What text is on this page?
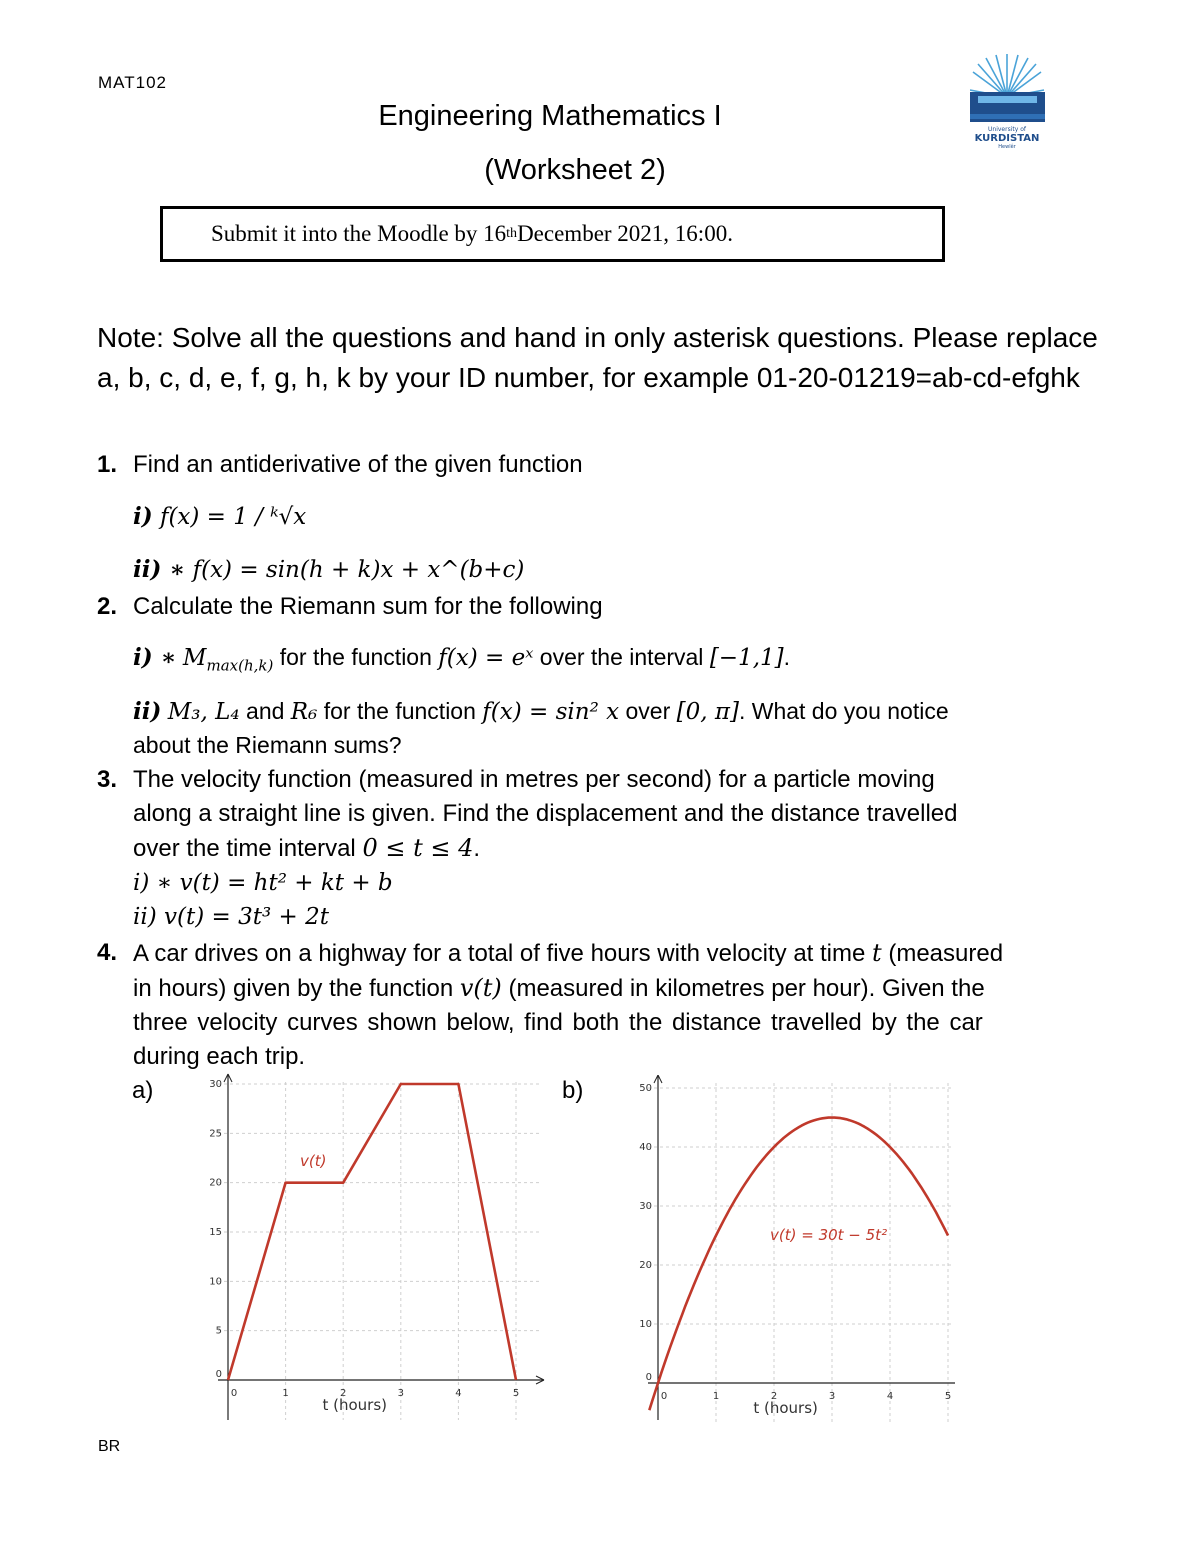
MAT102
Engineering Mathematics I
(Worksheet 2)
University of
KURDISTAN
Hewlêr
Submit it into the Moodle by 16 th December 2021, 16:00.
Note: Solve all the questions and hand in only asterisk questions. Please replace a, b, c, d, e, f, g, h, k by your ID number, for example 01-20-01219=ab-cd-efghk
1. Find an antiderivative of the given function
i) f(x) = 1 / ᵏ√x
ii) ∗ f(x) = sin(h + k)x + x^(b+c)
2. Calculate the Riemann sum for the following
i) ∗ $M_{max(h,k)}$ for the function f(x) = eˣ over the interval [−1,1].
ii) M₃, L₄ and R₆ for the function f(x) = sin² x over [0, π]. What do you notice
about the Riemann sums?
3. The velocity function (measured in metres per second) for a particle moving
along a straight line is given. Find the displacement and the distance travelled
over the time interval 0 ≤ t ≤ 4.
i) ∗ v(t) = ht² + kt + b
ii) v(t) = 3t³ + 2t
4. A car drives on a highway for a total of five hours with velocity at time t (measured
in hours) given by the function v(t) (measured in kilometres per hour). Given the
three velocity curves shown below, find both the distance travelled by the car
during each trip.
a)	b)
0	1	2	3	4	5
0
5
10
15
20
25
30
t (hours)
v(t)
0	1	2	3	4	5
0
10
20
30
40
50
t (hours)
v(t) = 30t − 5t²
BR
